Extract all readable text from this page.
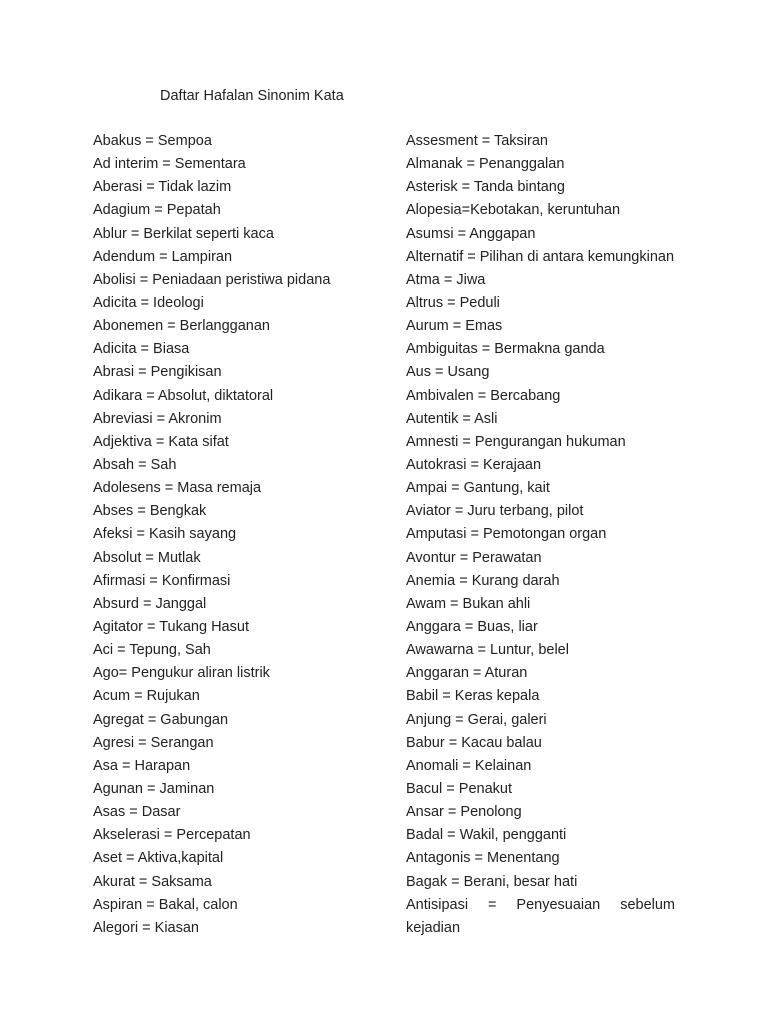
Daftar Hafalan Sinonim Kata
Abakus = Sempoa
Ad interim = Sementara
Aberasi = Tidak lazim
Adagium = Pepatah
Ablur = Berkilat seperti kaca
Adendum = Lampiran
Abolisi = Peniadaan peristiwa pidana
Adicita = Ideologi
Abonemen = Berlangganan
Adicita = Biasa
Abrasi = Pengikisan
Adikara = Absolut, diktatoral
Abreviasi = Akronim
Adjektiva = Kata sifat
Absah = Sah
Adolesens = Masa remaja
Abses = Bengkak
Afeksi = Kasih sayang
Absolut = Mutlak
Afirmasi = Konfirmasi
Absurd = Janggal
Agitator = Tukang Hasut
Aci = Tepung, Sah
Ago= Pengukur aliran listrik
Acum = Rujukan
Agregat = Gabungan
Agresi = Serangan
Asa = Harapan
Agunan = Jaminan
Asas = Dasar
Akselerasi = Percepatan
Aset = Aktiva,kapital
Akurat = Saksama
Aspiran = Bakal, calon
Alegori = Kiasan
Assesment = Taksiran
Almanak = Penanggalan
Asterisk = Tanda bintang
Alopesia=Kebotakan, keruntuhan
Asumsi = Anggapan
Alternatif = Pilihan di antara kemungkinan
Atma = Jiwa
Altrus = Peduli
Aurum = Emas
Ambiguitas = Bermakna ganda
Aus = Usang
Ambivalen = Bercabang
Autentik = Asli
Amnesti = Pengurangan hukuman
Autokrasi = Kerajaan
Ampai = Gantung, kait
Aviator = Juru terbang, pilot
Amputasi = Pemotongan organ
Avontur = Perawatan
Anemia = Kurang darah
Awam = Bukan ahli
Anggara = Buas, liar
Awawarna = Luntur, belel
Anggaran = Aturan
Babil = Keras kepala
Anjung = Gerai, galeri
Babur = Kacau balau
Anomali = Kelainan
Bacul = Penakut
Ansar = Penolong
Badal = Wakil, pengganti
Antagonis = Menentang
Bagak = Berani, besar hati
Antisipasi = Penyesuaian sebelum
kejadian
